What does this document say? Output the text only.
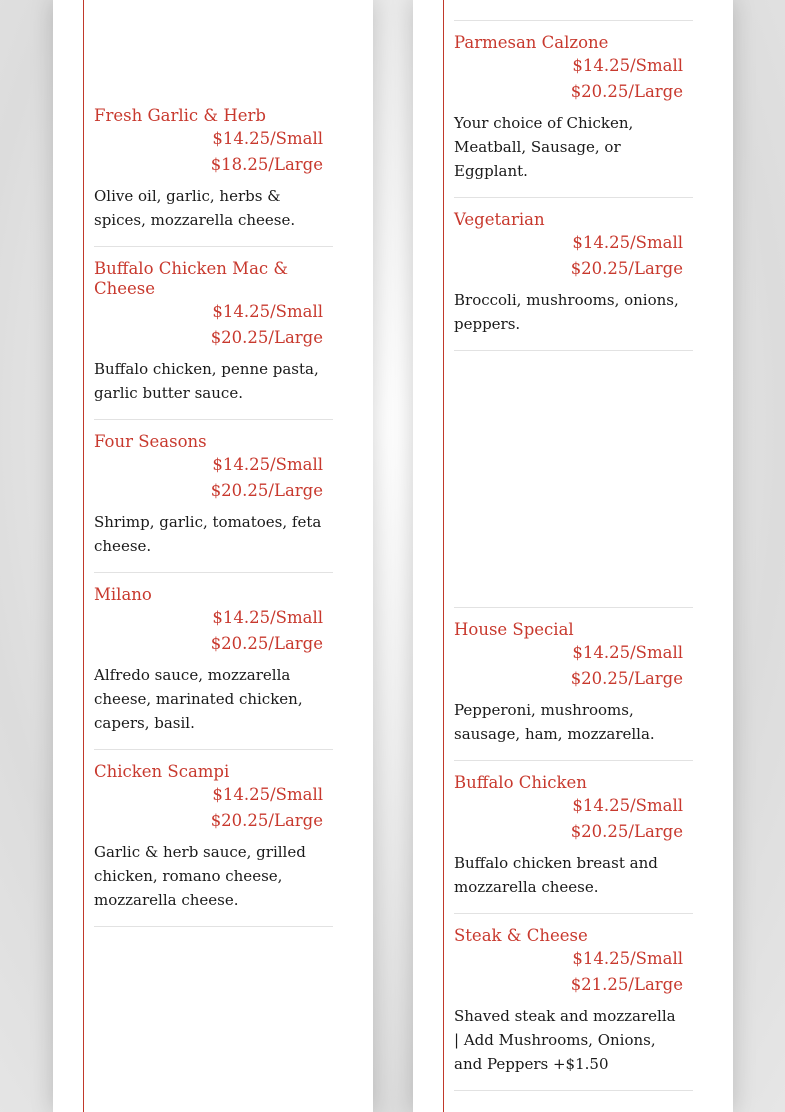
Fresh Garlic & Herb
$14.25/Small
$18.25/Large
Olive oil, garlic, herbs & spices, mozzarella cheese.
Buffalo Chicken Mac & Cheese
$14.25/Small
$20.25/Large
Buffalo chicken, penne pasta, garlic butter sauce.
Four Seasons
$14.25/Small
$20.25/Large
Shrimp, garlic, tomatoes, feta cheese.
Milano
$14.25/Small
$20.25/Large
Alfredo sauce, mozzarella cheese, marinated chicken, capers, basil.
Chicken Scampi
$14.25/Small
$20.25/Large
Garlic & herb sauce, grilled chicken, romano cheese, mozzarella cheese.
Parmesan Calzone
$14.25/Small
$20.25/Large
Your choice of Chicken, Meatball, Sausage, or Eggplant.
Vegetarian
$14.25/Small
$20.25/Large
Broccoli, mushrooms, onions, peppers.
House Special
$14.25/Small
$20.25/Large
Pepperoni, mushrooms, sausage, ham, mozzarella.
Buffalo Chicken
$14.25/Small
$20.25/Large
Buffalo chicken breast and mozzarella cheese.
Steak & Cheese
$14.25/Small
$21.25/Large
Shaved steak and mozzarella | Add Mushrooms, Onions, and Peppers +$1.50
